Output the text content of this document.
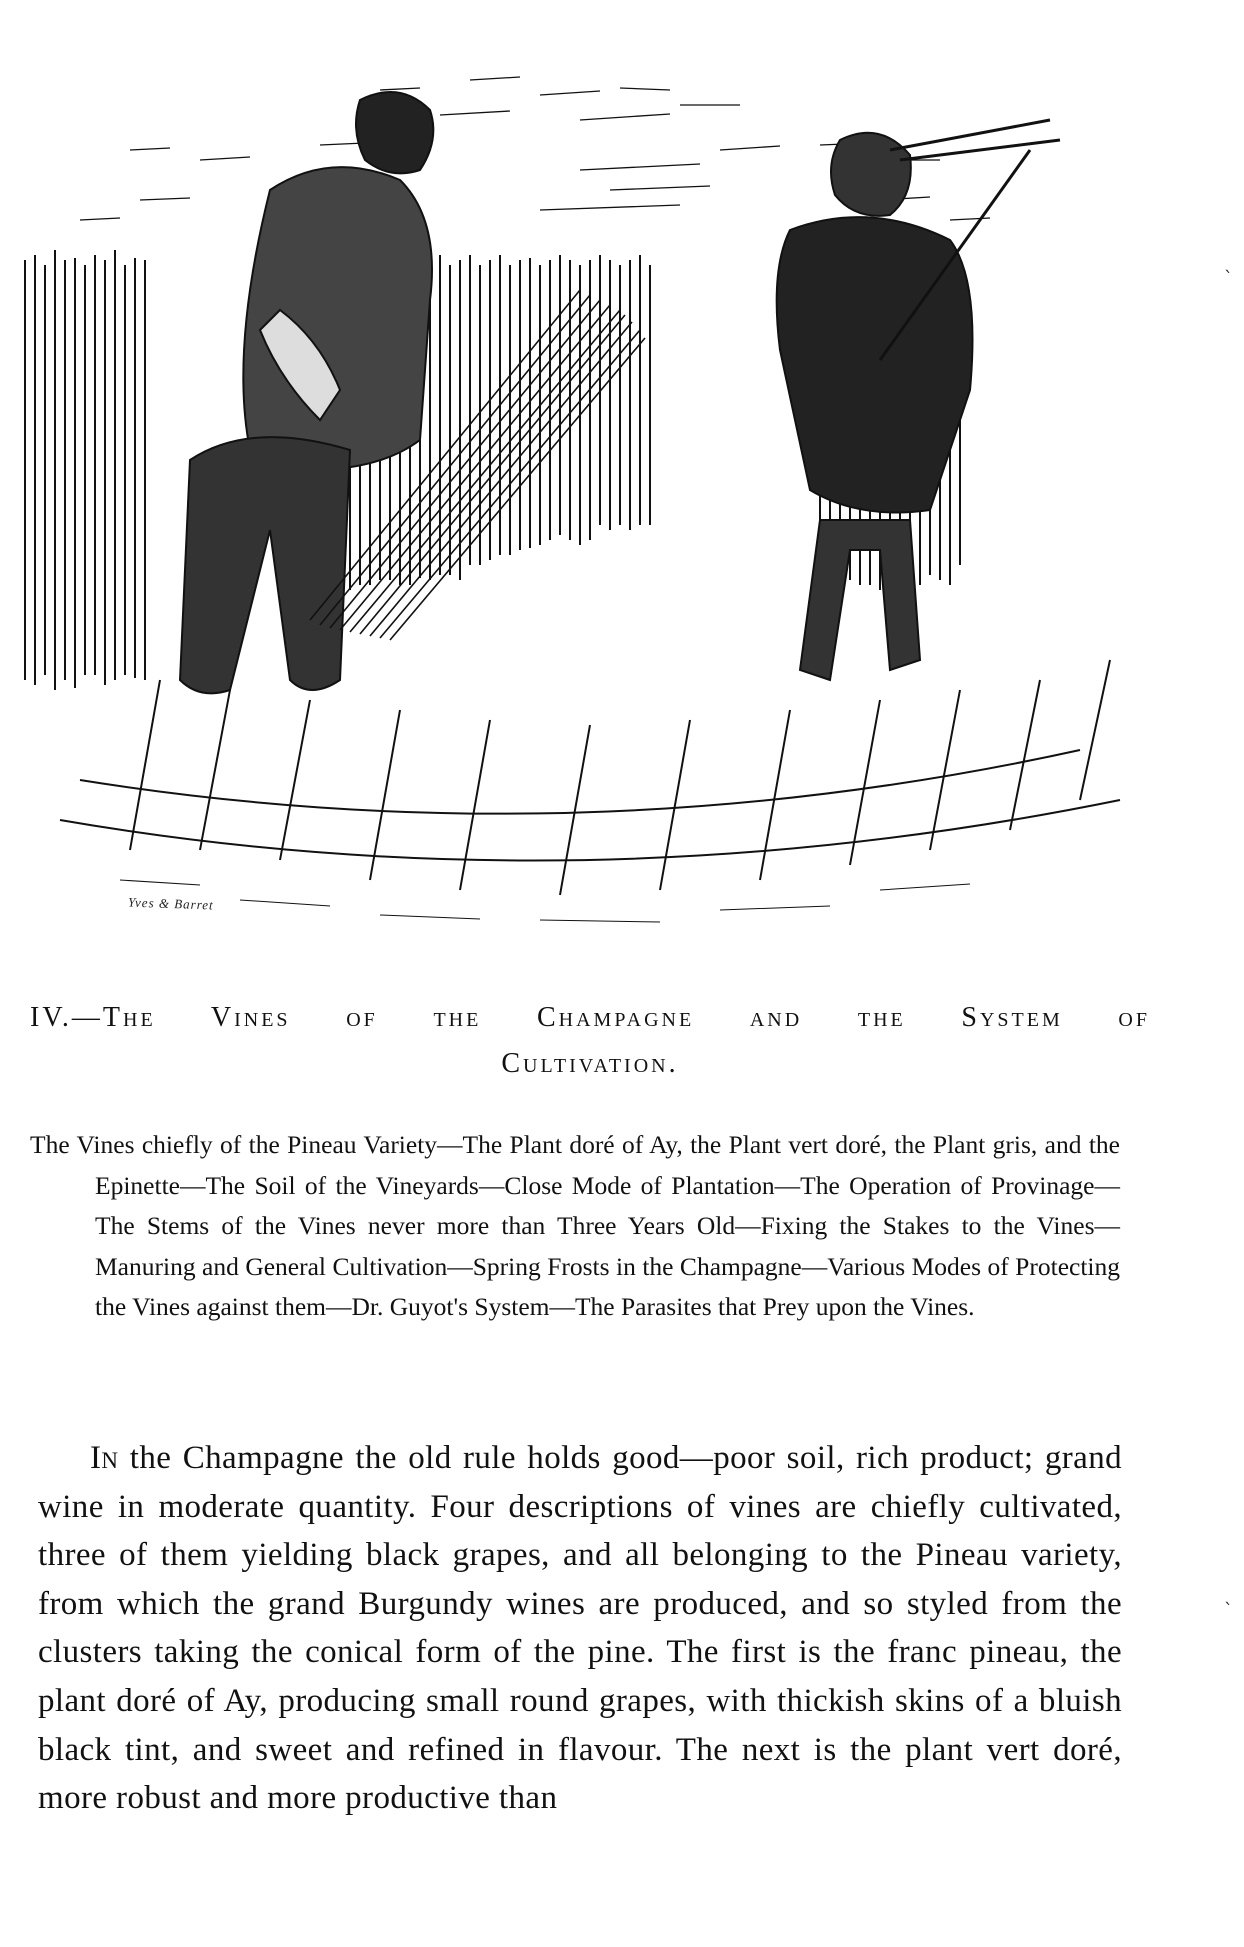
Yves & Barret
IV.—The Vines of the Champagne and the System of
Cultivation.
The Vines chiefly of the Pineau Variety—The Plant doré of Ay, the Plant vert doré, the Plant gris, and the Epinette—The Soil of the Vineyards—Close Mode of Plantation—The Operation of Provinage—The Stems of the Vines never more than Three Years Old—Fixing the Stakes to the Vines—Manuring and General Cultivation—Spring Frosts in the Champagne—Various Modes of Protecting the Vines against them—Dr. Guyot's System—The Parasites that Prey upon the Vines.
In the Champagne the old rule holds good—poor soil, rich product; grand wine in moderate quantity. Four descriptions of vines are chiefly cultivated, three of them yielding black grapes, and all belonging to the Pineau variety, from which the grand Burgundy wines are produced, and so styled from the clusters taking the conical form of the pine. The first is the franc pineau, the plant doré of Ay, producing small round grapes, with thickish skins of a bluish black tint, and sweet and refined in flavour. The next is the plant vert doré, more robust and more productive than
`
`
